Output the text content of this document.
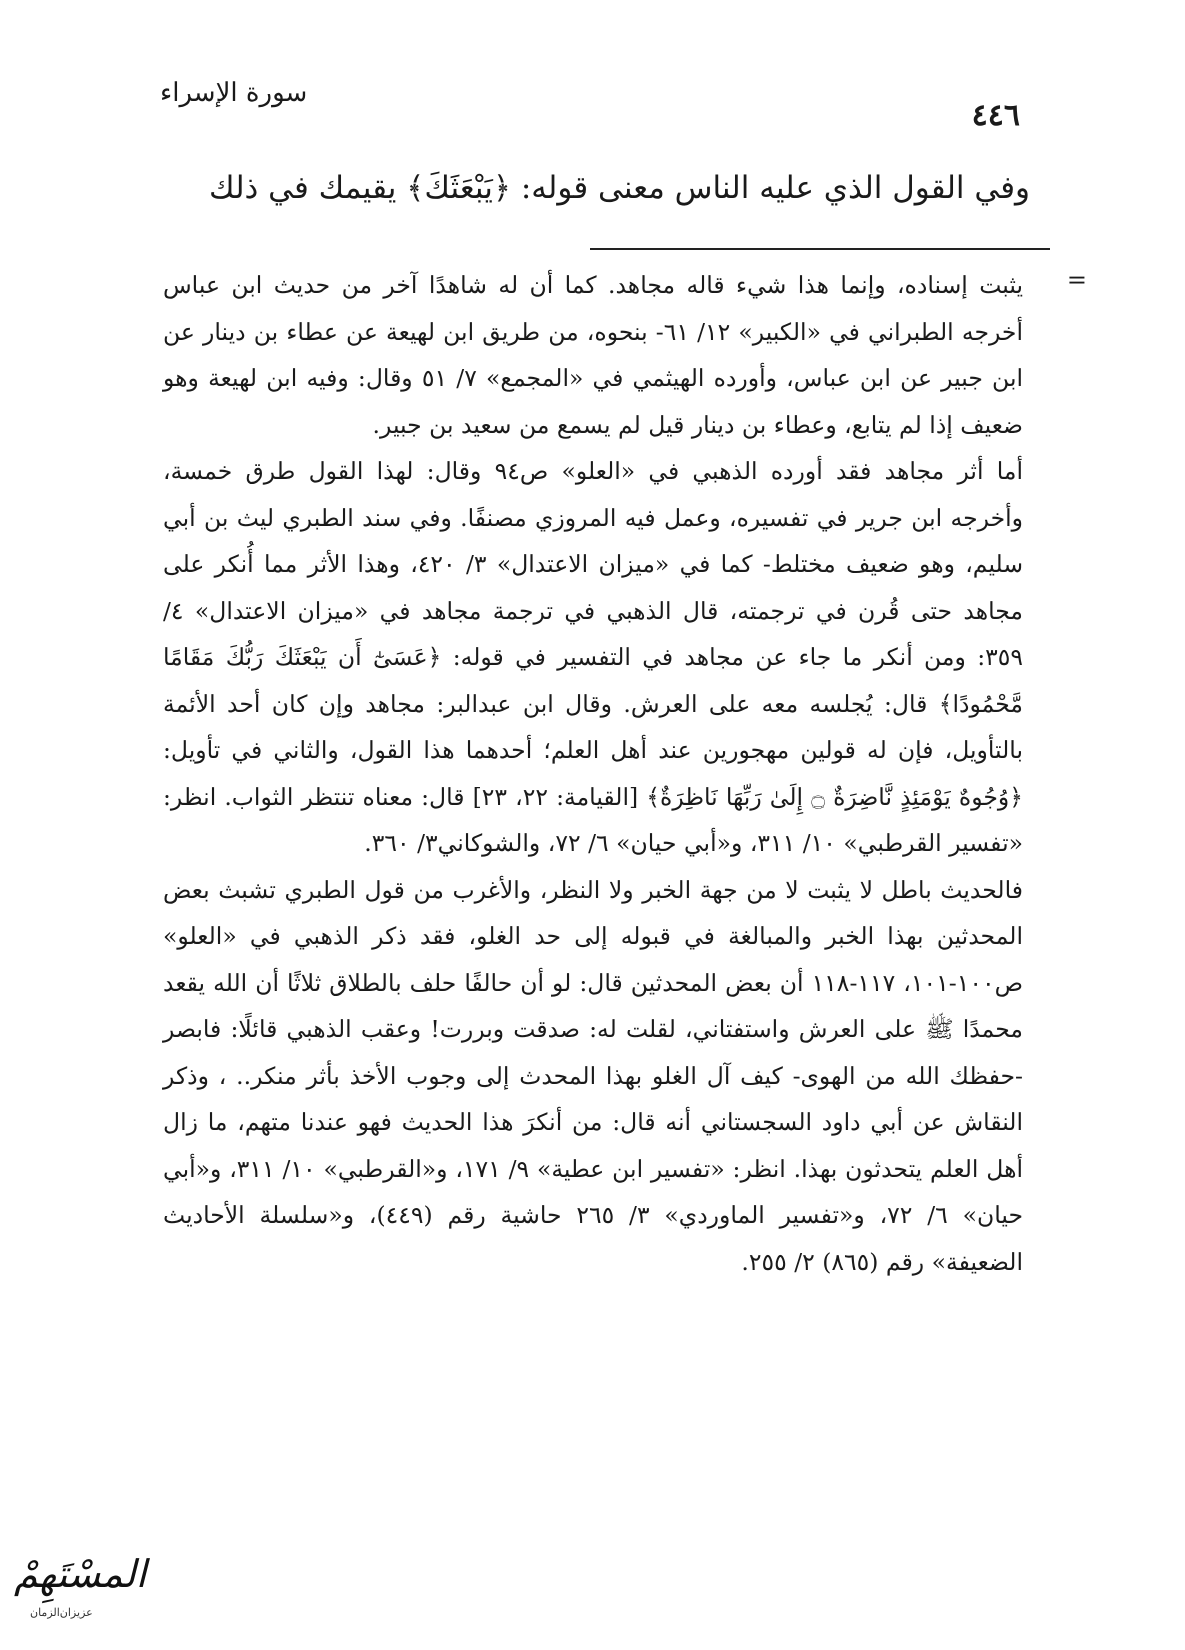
٤٤٦
سورة الإسراء
وفي القول الذي عليه الناس معنى قوله: ﴿يَبْعَثَكَ﴾ يقيمك في ذلك
=

يثبت إسناده، وإنما هذا شيء قاله مجاهد. كما أن له شاهدًا آخر من حديث ابن عباس أخرجه الطبراني في «الكبير» ١٢/ ٦١- بنحوه، من طريق ابن لهيعة عن عطاء بن دينار عن ابن جبير عن ابن عباس، وأورده الهيثمي في «المجمع» ٧/ ٥١ وقال: وفيه ابن لهيعة وهو ضعيف إذا لم يتابع، وعطاء بن دينار قيل لم يسمع من سعيد بن جبير.

أما أثر مجاهد فقد أورده الذهبي في «العلو» ص٩٤ وقال: لهذا القول طرق خمسة، وأخرجه ابن جرير في تفسيره، وعمل فيه المروزي مصنفًا. وفي سند الطبري ليث بن أبي سليم، وهو ضعيف مختلط- كما في «ميزان الاعتدال» ٣/ ٤٢٠، وهذا الأثر مما أُنكر على مجاهد حتى قُرن في ترجمته، قال الذهبي في ترجمة مجاهد في «ميزان الاعتدال» ٤/ ٣٥٩: ومن أنكر ما جاء عن مجاهد في التفسير في قوله: ﴿عَسَىٰٓ أَن يَبْعَثَكَ رَبُّكَ مَقَامًا مَّحْمُودًا﴾ قال: يُجلسه معه على العرش. وقال ابن عبدالبر: مجاهد وإن كان أحد الأئمة بالتأويل، فإن له قولين مهجورين عند أهل العلم؛ أحدهما هذا القول، والثاني في تأويل: ﴿وُجُوهٌ يَوْمَئِذٍ نَّاضِرَةٌ ۝ إِلَىٰ رَبِّهَا نَاظِرَةٌ﴾ [القيامة: ٢٢، ٢٣] قال: معناه تنتظر الثواب. انظر: «تفسير القرطبي» ١٠/ ٣١١، و«أبي حيان» ٦/ ٧٢، والشوكاني٣/ ٣٦٠.

فالحديث باطل لا يثبت لا من جهة الخبر ولا النظر، والأغرب من قول الطبري تشبث بعض المحدثين بهذا الخبر والمبالغة في قبوله إلى حد الغلو، فقد ذكر الذهبي في «العلو» ص١٠٠-١٠١، ١١٧-١١٨ أن بعض المحدثين قال: لو أن حالفًا حلف بالطلاق ثلاثًا أن الله يقعد محمدًا ﷺ على العرش واستفتاني، لقلت له: صدقت وبررت! وعقب الذهبي قائلًا: فابصر -حفظك الله من الهوى- كيف آل الغلو بهذا المحدث إلى وجوب الأخذ بأثر منكر.. ، وذكر النقاش عن أبي داود السجستاني أنه قال: من أنكرَ هذا الحديث فهو عندنا متهم، ما زال أهل العلم يتحدثون بهذا. انظر: «تفسير ابن عطية» ٩/ ١٧١، و«القرطبي» ١٠/ ٣١١، و«أبي حيان» ٦/ ٧٢، و«تفسير الماوردي» ٣/ ٢٦٥ حاشية رقم (٤٤٩)، و«سلسلة الأحاديث الضعيفة» رقم (٨٦٥) ٢/ ٢٥٥.

المسْتَهِمْ
عزيزان‌الزمان
